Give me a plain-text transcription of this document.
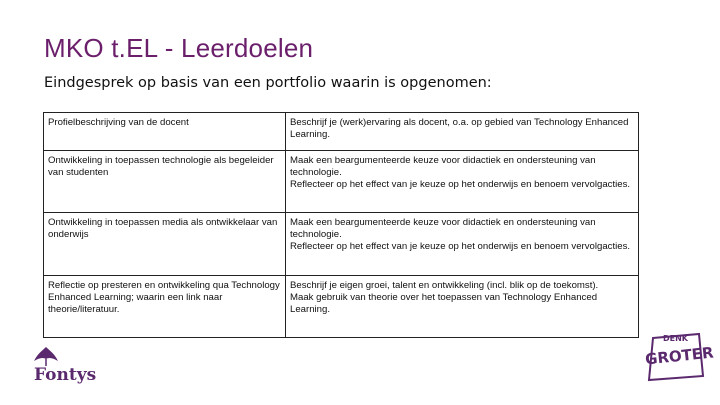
MKO t.EL - Leerdoelen
Eindgesprek op basis van een portfolio waarin is opgenomen:
Profielbeschrijving van de docent	Beschrijf je (werk)ervaring als docent, o.a. op gebied van Technology Enhanced Learning.
Ontwikkeling in toepassen technologie als begeleider van studenten	Maak een beargumenteerde keuze voor didactiek en ondersteuning van technologie.
Reflecteer op het effect van je keuze op het onderwijs en benoem vervolgacties.
Ontwikkeling in toepassen media als ontwikkelaar van onderwijs	Maak een beargumenteerde keuze voor didactiek en ondersteuning van technologie.
Reflecteer op het effect van je keuze op het onderwijs en benoem vervolgacties.
Reflectie op presteren en ontwikkeling qua Technology Enhanced Learning; waarin een link naar theorie/literatuur.	Beschrijf je eigen groei, talent en ontwikkeling (incl. blik op de toekomst).
Maak gebruik van theorie over het toepassen van Technology Enhanced Learning.
Fontys
DENK
GROTER
